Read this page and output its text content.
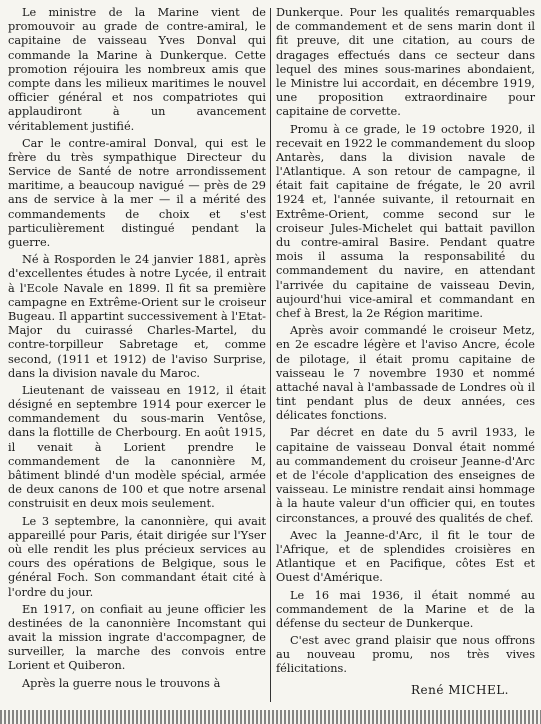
Le ministre de la Marine vient de promouvoir au grade de contre-amiral, le capitaine de vaisseau Yves Donval qui commande la Marine à Dunkerque. Cette promotion réjouira les nombreux amis que compte dans les milieux maritimes le nouvel officier général et nos compatriotes qui applaudiront à un avancement véritablement justifié.

Car le contre-amiral Donval, qui est le frère du très sympathique Directeur du Service de Santé de notre arrondissement maritime, a beaucoup navigué — près de 29 ans de service à la mer — il a mérité des commandements de choix et s'est particulièrement distingué pendant la guerre.

Né à Rosporden le 24 janvier 1881, après d'excellentes études à notre Lycée, il entrait à l'Ecole Navale en 1899. Il fit sa première campagne en Extrême-Orient sur le croiseur Bugeau. Il appartint successivement à l'Etat-Major du cuirassé Charles-Martel, du contre-torpilleur Sabretage et, comme second, (1911 et 1912) de l'aviso Surprise, dans la division navale du Maroc.

Lieutenant de vaisseau en 1912, il était désigné en septembre 1914 pour exercer le commandement du sous-marin Ventôse, dans la flottille de Cherbourg. En août 1915, il venait à Lorient prendre le commandement de la canonnière M, bâtiment blindé d'un modèle spécial, armée de deux canons de 100 et que notre arsenal construisit en deux mois seulement.

Le 3 septembre, la canonnière, qui avait appareillé pour Paris, était dirigée sur l'Yser où elle rendit les plus précieux services au cours des opérations de Belgique, sous le général Foch. Son commandant était cité à l'ordre du jour.

En 1917, on confiait au jeune officier les destinées de la canonnière Incomstant qui avait la mission ingrate d'accompagner, de surveiller, la marche des convois entre Lorient et Quiberon.

Après la guerre nous le trouvons à

Dunkerque. Pour les qualités remarquables de commandement et de sens marin dont il fit preuve, dit une citation, au cours de dragages effectués dans ce secteur dans lequel des mines sous-marines abondaient, le Ministre lui accordait, en décembre 1919, une proposition extraordinaire pour capitaine de corvette.

Promu à ce grade, le 19 octobre 1920, il recevait en 1922 le commandement du sloop Antarès, dans la division navale de l'Atlantique. A son retour de campagne, il était fait capitaine de frégate, le 20 avril 1924 et, l'année suivante, il retournait en Extrême-Orient, comme second sur le croiseur Jules-Michelet qui battait pavillon du contre-amiral Basire. Pendant quatre mois il assuma la responsabilité du commandement du navire, en attendant l'arrivée du capitaine de vaisseau Devin, aujourd'hui vice-amiral et commandant en chef à Brest, la 2e Région maritime.

Après avoir commandé le croiseur Metz, en 2e escadre légère et l'aviso Ancre, école de pilotage, il était promu capitaine de vaisseau le 7 novembre 1930 et nommé attaché naval à l'ambassade de Londres où il tint pendant plus de deux années, ces délicates fonctions.

Par décret en date du 5 avril 1933, le capitaine de vaisseau Donval était nommé au commandement du croiseur Jeanne-d'Arc et de l'école d'application des enseignes de vaisseau. Le ministre rendait ainsi hommage à la haute valeur d'un officier qui, en toutes circonstances, a prouvé des qualités de chef.

Avec la Jeanne-d'Arc, il fit le tour de l'Afrique, et de splendides croisières en Atlantique et en Pacifique, côtes Est et Ouest d'Amérique.

Le 16 mai 1936, il était nommé au commandement de la Marine et de la défense du secteur de Dunkerque.

C'est avec grand plaisir que nous offrons au nouveau promu, nos très vives félicitations.

René MICHEL.
